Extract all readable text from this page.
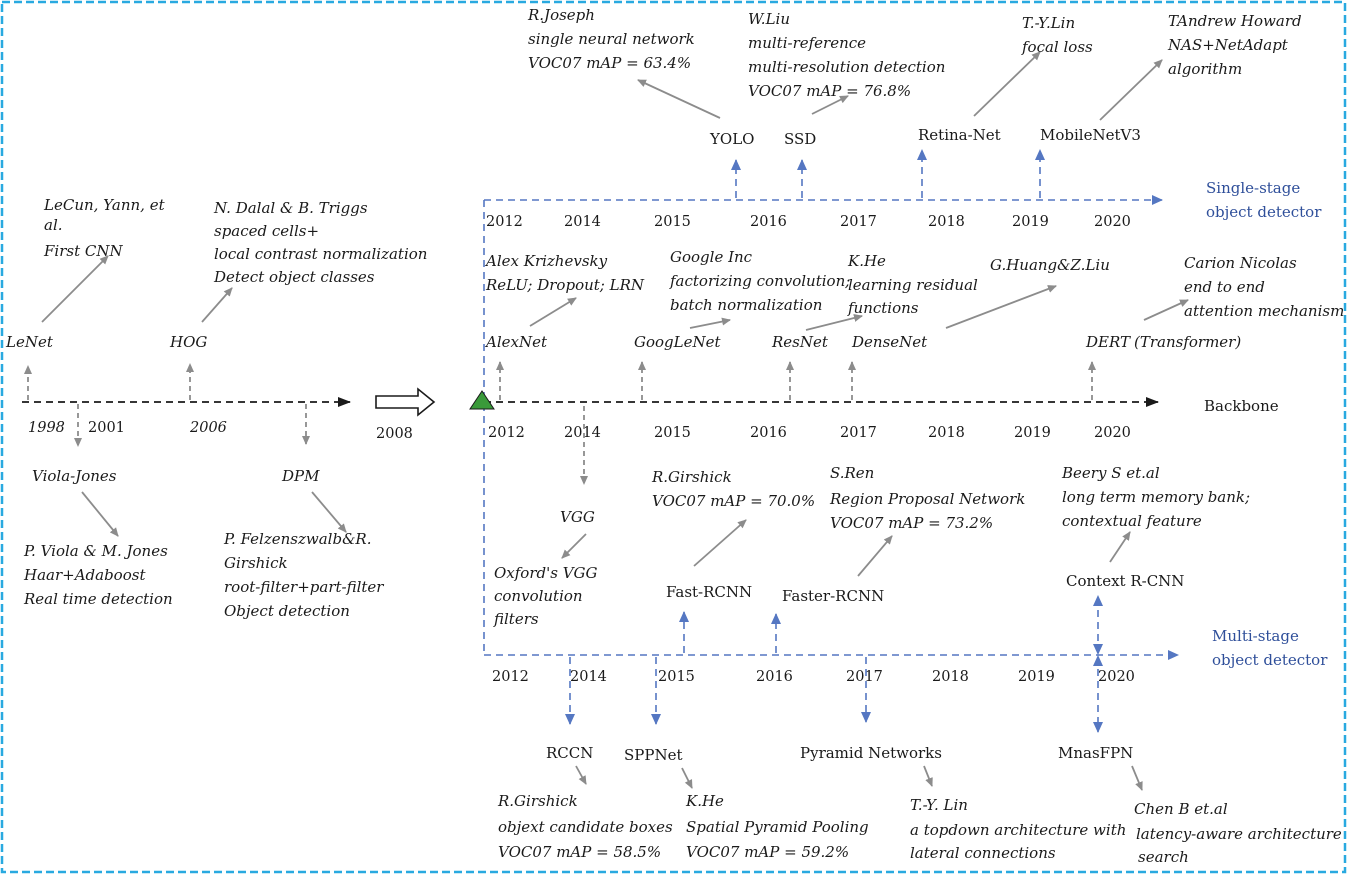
1998 2001	2006
LeNet
LeCun, Yann, et
al.
First CNN
HOG
N. Dalal & B. Triggs
spaced cells+
local contrast normalization
Detect object classes
Viola-Jones
P. Viola & M. Jones
Haar+Adaboost
Real time detection
DPM
P. Felzenszwalb&R.
Girshick
root-filter+part-filter
Object detection
2008
Backbone
Single-stage
object detector
Multi-stage
object detector
2012	2014	2015	2016	2017	2018	2019	2020
2012	2014	2015	2016	2017	2018	2019	2020
2012	2014	2015	2016	2017	2018	2019	2020
YOLO
R.Joseph
single neural network
VOC07 mAP = 63.4%
SSD
W.Liu
multi-reference
multi-resolution detection
VOC07 mAP = 76.8%
Retina-Net
T.-Y.Lin
focal loss
MobileNetV3
TAndrew Howard
NAS+NetAdapt
algorithm
AlexNet
Alex Krizhevsky
ReLU; Dropout; LRN
GoogLeNet
Google Inc
factorizing convolution;
batch normalization
ResNet
K.He
learning residual
functions
DenseNet
G.Huang&Z.Liu
DERT (Transformer)
Carion Nicolas
end to end
attention mechanism
VGG
Oxford's VGG
convolution
filters
Fast-RCNN
R.Girshick
VOC07 mAP = 70.0%
Faster-RCNN
S.Ren
Region Proposal Network
VOC07 mAP = 73.2%
Context R-CNN
Beery S et.al
long term memory bank;
contextual feature
RCCN
R.Girshick
objext candidate boxes
VOC07 mAP = 58.5%
SPPNet
K.He
Spatial Pyramid Pooling
VOC07 mAP = 59.2%
Pyramid Networks
T.-Y. Lin
a topdown architecture with
lateral connections
MnasFPN
Chen B et.al
latency-aware architecture
search
